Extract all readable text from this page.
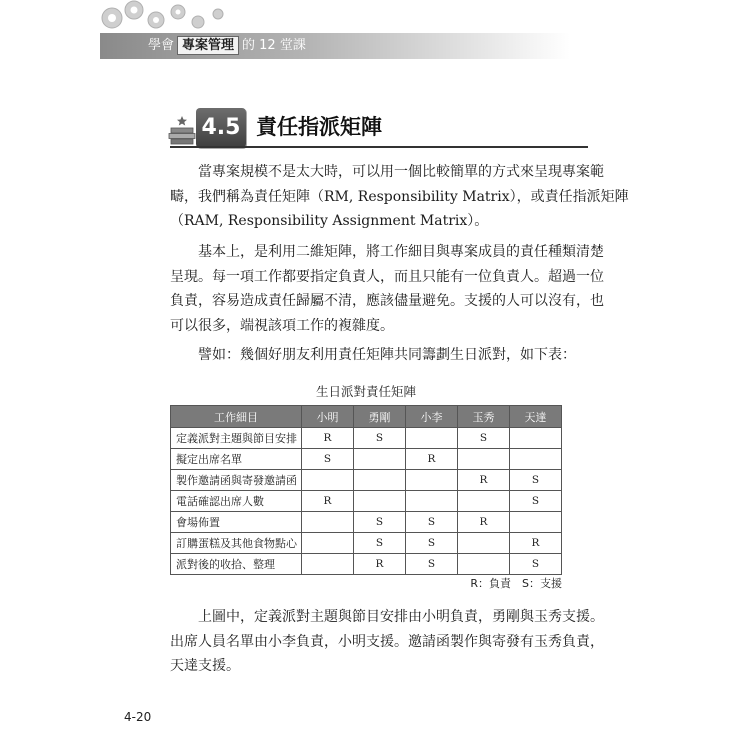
學會 專案管理 的 12 堂課
4.5 責任指派矩陣
當專案規模不是太大時，可以用一個比較簡單的方式來呈現專案範
疇，我們稱為責任矩陣（RM, Responsibility Matrix），或責任指派矩陣
（RAM, Responsibility Assignment Matrix）。
基本上，是利用二維矩陣，將工作細目與專案成員的責任種類清楚
呈現。每一項工作都要指定負責人，而且只能有一位負責人。超過一位
負責，容易造成責任歸屬不清，應該儘量避免。支援的人可以沒有，也
可以很多，端視該項工作的複雜度。
譬如：幾個好朋友利用責任矩陣共同籌劃生日派對，如下表：
生日派對責任矩陣
工作細目	小明	勇剛	小李	玉秀	天達
定義派對主題與節目安排	R	S		S	
擬定出席名單	S		R		
製作邀請函與寄發邀請函				R	S
電話確認出席人數	R				S
會場佈置		S	S	R	
訂購蛋糕及其他食物點心		S	S		R
派對後的收拾、整理		R	S		S
R：負責　S：支援
上圖中，定義派對主題與節目安排由小明負責，勇剛與玉秀支援。
出席人員名單由小李負責，小明支援。邀請函製作與寄發有玉秀負責，
天達支援。
4-20
